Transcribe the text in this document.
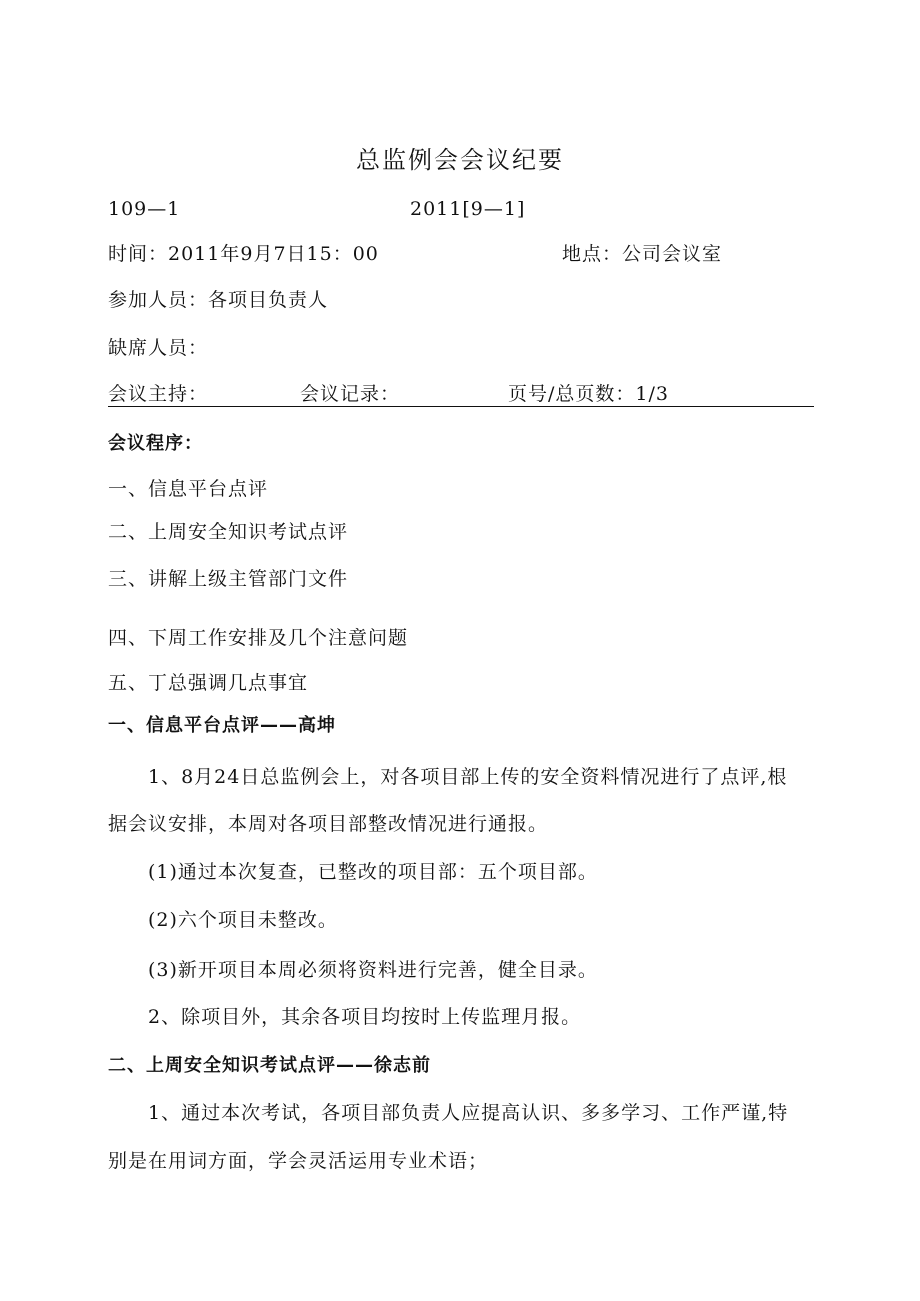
总监例会会议纪要
109—1	2011[9—1]
时间：2011年9月7日15：00	地点：公司会议室
参加人员：各项目负责人
缺席人员：
会议主持：	会议记录：	页号/总页数：1/3
会议程序：
一、信息平台点评
二、上周安全知识考试点评
三、讲解上级主管部门文件
四、下周工作安排及几个注意问题
五、丁总强调几点事宜
一、信息平台点评——高坤
1、8月24日总监例会上，对各项目部上传的安全资料情况进行了点评,根
据会议安排，本周对各项目部整改情况进行通报。
(1)通过本次复查，已整改的项目部：五个项目部。
(2)六个项目未整改。
(3)新开项目本周必须将资料进行完善，健全目录。
2、除项目外，其余各项目均按时上传监理月报。
二、上周安全知识考试点评——徐志前
1、通过本次考试，各项目部负责人应提高认识、多多学习、工作严谨,特
别是在用词方面，学会灵活运用专业术语；
